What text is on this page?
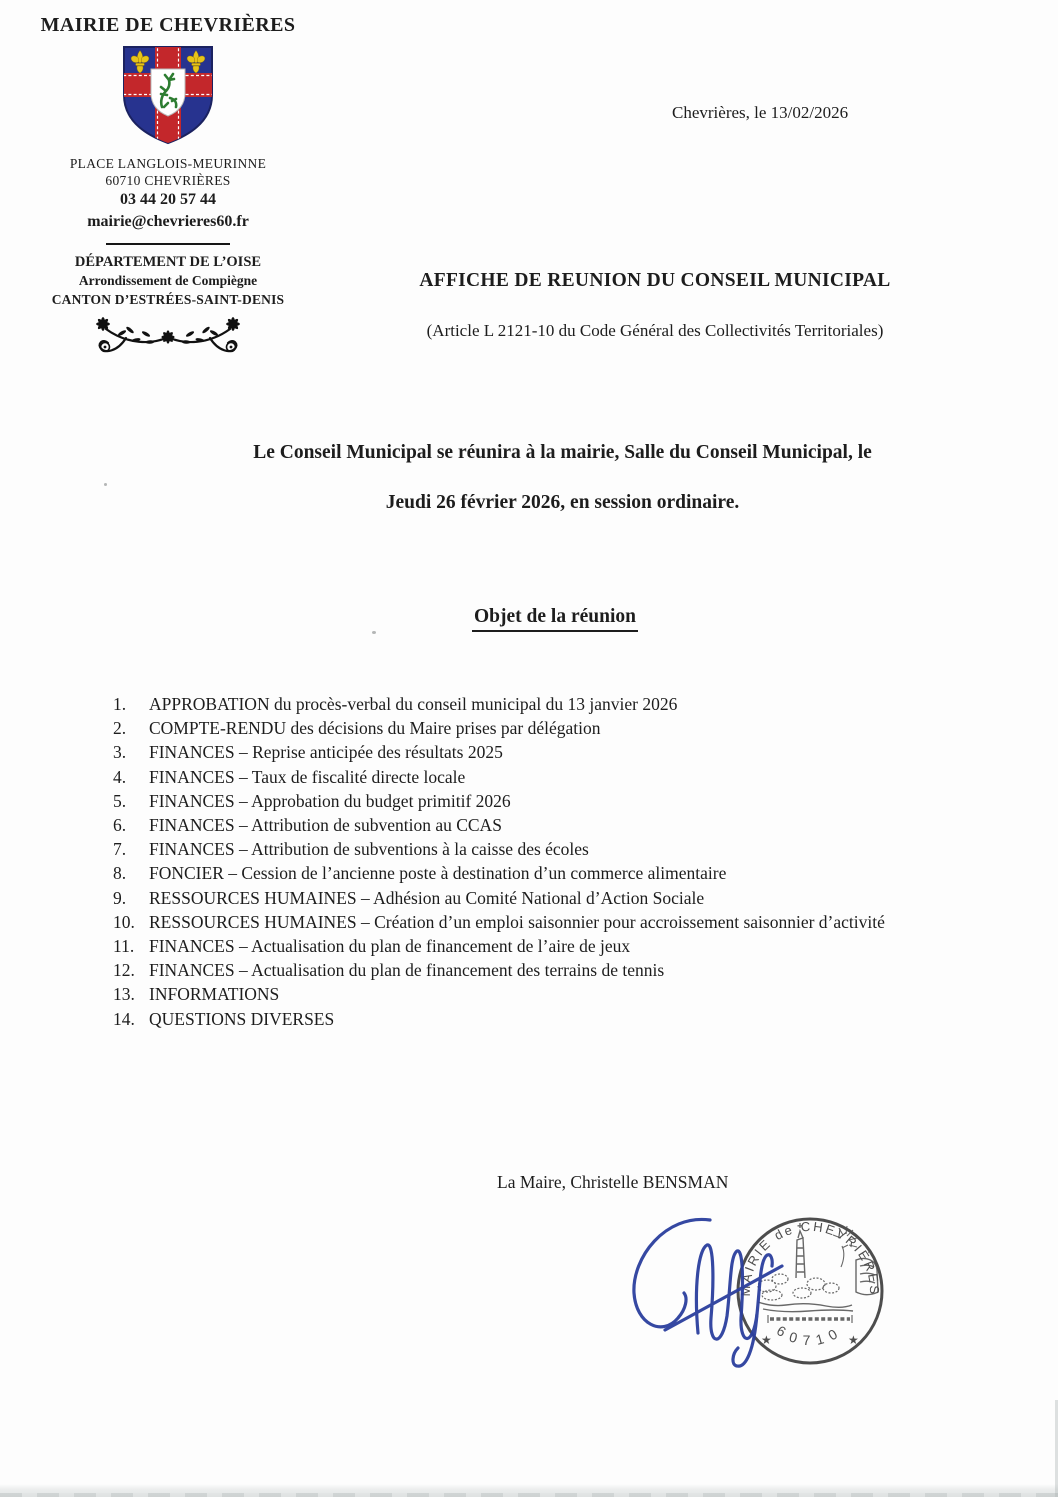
MAIRIE DE CHEVRIÈRES
PLACE LANGLOIS-MEURINNE
60710 CHEVRIÈRES
03 44 20 57 44
mairie@chevrieres60.fr
DÉPARTEMENT DE L’OISE
Arrondissement de Compiègne
CANTON D’ESTRÉES-SAINT-DENIS
Chevrières, le 13/02/2026
AFFICHE DE REUNION DU CONSEIL MUNICIPAL
(Article L 2121-10 du Code Général des Collectivités Territoriales)
Le Conseil Municipal se réunira à la mairie, Salle du Conseil Municipal, le
Jeudi 26 février 2026, en session ordinaire.
Objet de la réunion
1. APPROBATION du procès-verbal du conseil municipal du 13 janvier 2026
2. COMPTE-RENDU des décisions du Maire prises par délégation
3. FINANCES – Reprise anticipée des résultats 2025
4. FINANCES – Taux de fiscalité directe locale
5. FINANCES – Approbation du budget primitif 2026
6. FINANCES – Attribution de subvention au CCAS
7. FINANCES – Attribution de subventions à la caisse des écoles
8. FONCIER – Cession de l’ancienne poste à destination d’un commerce alimentaire
9. RESSOURCES HUMAINES – Adhésion au Comité National d’Action Sociale
10. RESSOURCES HUMAINES – Création d’un emploi saisonnier pour accroissement saisonnier d’activité
11. FINANCES – Actualisation du plan de financement de l’aire de jeux
12. FINANCES – Actualisation du plan de financement des terrains de tennis
13. INFORMATIONS
14. QUESTIONS DIVERSES
La Maire, Christelle BENSMAN
MAIRIE de CHEVRIÈRES
60710
★	★
